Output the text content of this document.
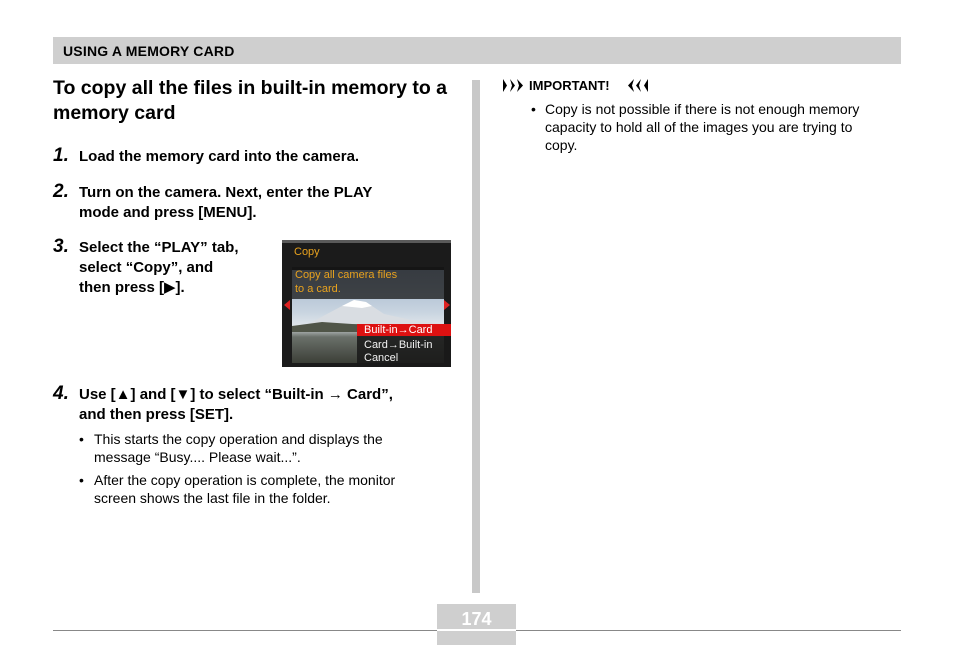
USING A MEMORY CARD
To copy all the files in built-in memory to a memory card
1. Load the memory card into the camera.
2. Turn on the camera. Next, enter the PLAY
mode and press [MENU].
3. Select the “PLAY” tab,
select “Copy”, and
then press [▶].
Copy
Copy all camera files
to a card.
Built-in→Card
Card→Built-in
Cancel
4. Use [▲] and [▼] to select “Built-in → Card”,
and then press [SET].
• This starts the copy operation and displays the
message “Busy.... Please wait...”.
• After the copy operation is complete, the monitor
screen shows the last file in the folder.
IMPORTANT!
• Copy is not possible if there is not enough memory
capacity to hold all of the images you are trying to
copy.
174
